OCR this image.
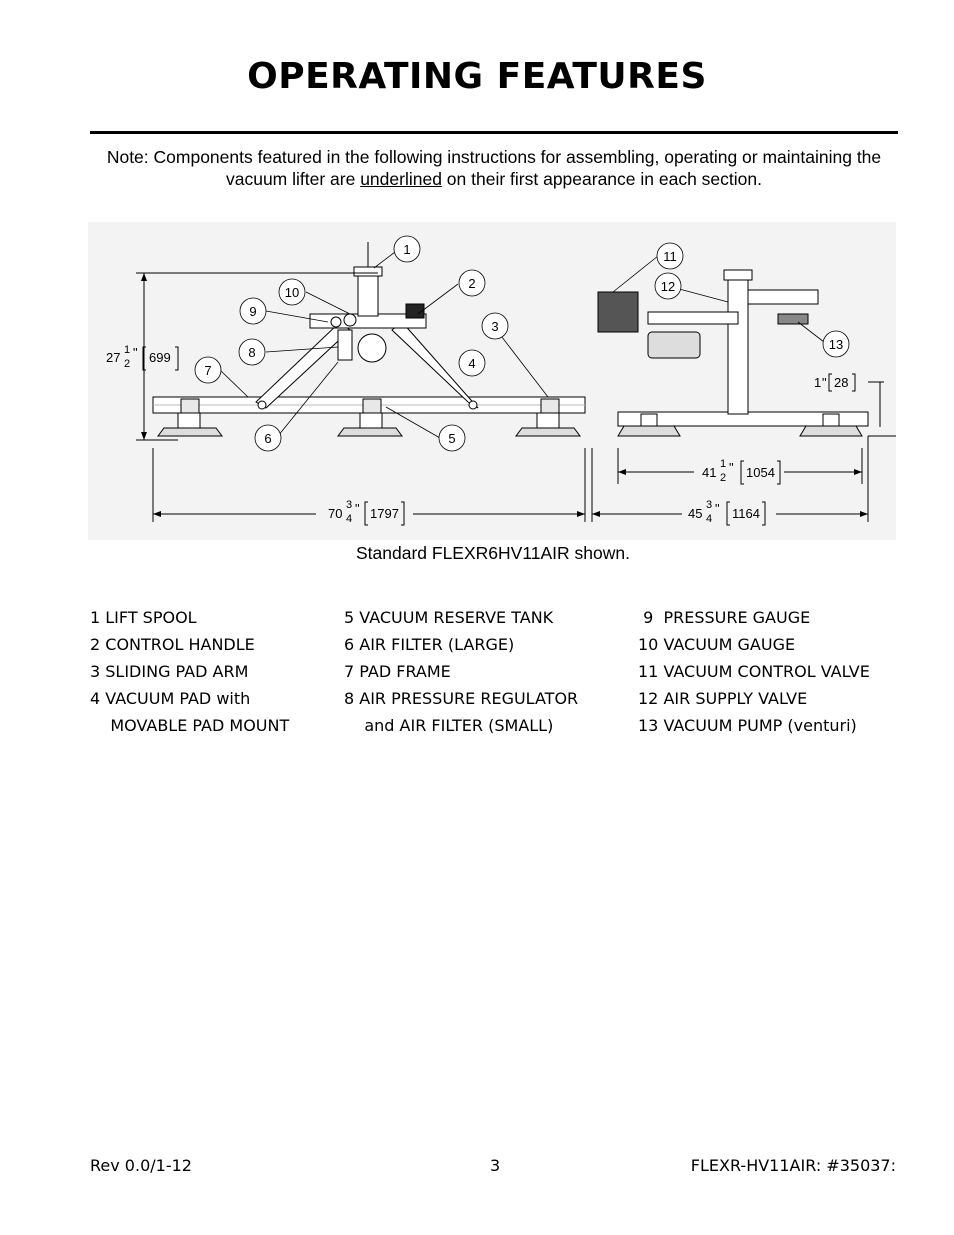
OPERATING FEATURES
Note: Components featured in the following instructions for assembling, operating or maintaining the vacuum lifter are underlined on their first appearance in each section.
1
2
3
4
5
6
7
8
9
10
11
12
13
27 1
2
" 699
70
3
4
" 1797	45
3
4
" 1164
41
1
2
" 1054
1 " 28
Standard FLEXR6HV11AIR shown.
1 LIFT SPOOL
2 CONTROL HANDLE
3 SLIDING PAD ARM
4 VACUUM PAD with
MOVABLE PAD MOUNT
5 VACUUM RESERVE TANK
6 AIR FILTER (LARGE)
7 PAD FRAME
8 AIR PRESSURE REGULATOR
and AIR FILTER (SMALL)
9  PRESSURE GAUGE
10 VACUUM GAUGE
11 VACUUM CONTROL VALVE
12 AIR SUPPLY VALVE
13 VACUUM PUMP (venturi)
Rev 0.0/1-12	3	FLEXR-HV11AIR: #35037:
